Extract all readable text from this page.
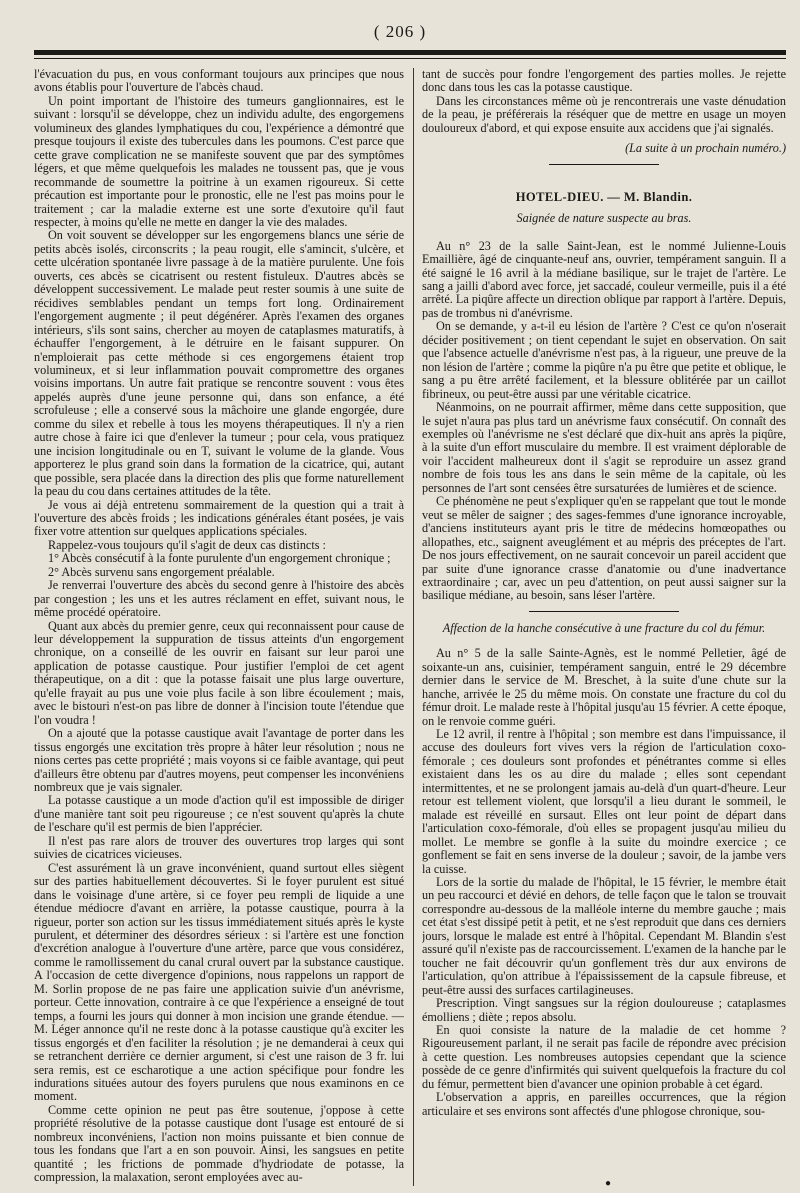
( 206 )

l'évacuation du pus, en vous conformant toujours aux principes que nous avons établis pour l'ouverture de l'abcès chaud.

Un point important de l'histoire des tumeurs ganglionnaires, est le suivant : lorsqu'il se développe, chez un individu adulte, des engorgemens volumineux des glandes lymphatiques du cou, l'expérience a démontré que presque toujours il existe des tubercules dans les poumons. C'est parce que cette grave complication ne se manifeste souvent que par des symptômes légers, et que même quelquefois les malades ne toussent pas, que je vous recommande de soumettre la poitrine à un examen rigoureux. Si cette précaution est importante pour le pronostic, elle ne l'est pas moins pour le traitement ; car la maladie externe est une sorte d'exutoire qu'il faut respecter, à moins qu'elle ne mette en danger la vie des malades.

On voit souvent se développer sur les engorgemens blancs une série de petits abcès isolés, circonscrits ; la peau rougit, elle s'amincit, s'ulcère, et cette ulcération spontanée livre passage à de la matière purulente. Une fois ouverts, ces abcès se cicatrisent ou restent fistuleux. D'autres abcès se développent successivement. Le malade peut rester soumis à une suite de récidives semblables pendant un temps fort long. Ordinairement l'engorgement augmente ; il peut dégénérer. Après l'examen des organes intérieurs, s'ils sont sains, chercher au moyen de cataplasmes maturatifs, à échauffer l'engorgement, à le détruire en le faisant suppurer. On n'emploierait pas cette méthode si ces engorgemens étaient trop volumineux, et si leur inflammation pouvait compromettre des organes voisins importans. Un autre fait pratique se rencontre souvent : vous êtes appelés auprès d'une jeune personne qui, dans son enfance, a été scrofuleuse ; elle a conservé sous la mâchoire une glande engorgée, dure comme du silex et rebelle à tous les moyens thérapeutiques. Il n'y a rien autre chose à faire ici que d'enlever la tumeur ; pour cela, vous pratiquez une incision longitudinale ou en T, suivant le volume de la glande. Vous apporterez le plus grand soin dans la formation de la cicatrice, qui, autant que possible, sera placée dans la direction des plis que forme naturellement la peau du cou dans certaines attitudes de la tête.

Je vous ai déjà entretenu sommairement de la question qui a trait à l'ouverture des abcès froids ; les indications générales étant posées, je vais fixer votre attention sur quelques applications spéciales.

Rappelez-vous toujours qu'il s'agit de deux cas distincts :

1° Abcès consécutif à la fonte purulente d'un engorgement chronique ;

2° Abcès survenu sans engorgement préalable.

Je renverrai l'ouverture des abcès du second genre à l'histoire des abcès par congestion ; les uns et les autres réclament en effet, suivant nous, le même procédé opératoire.

Quant aux abcès du premier genre, ceux qui reconnaissent pour cause de leur développement la suppuration de tissus atteints d'un engorgement chronique, on a conseillé de les ouvrir en faisant sur leur paroi une application de potasse caustique. Pour justifier l'emploi de cet agent thérapeutique, on a dit : que la potasse faisait une plus large ouverture, qu'elle frayait au pus une voie plus facile à son libre écoulement ; mais, avec le bistouri n'est-on pas libre de donner à l'incision toute l'étendue que l'on voudra !

On a ajouté que la potasse caustique avait l'avantage de porter dans les tissus engorgés une excitation très propre à hâter leur résolution ; nous ne nions certes pas cette propriété ; mais voyons si ce faible avantage, qui peut d'ailleurs être obtenu par d'autres moyens, peut compenser les inconvéniens nombreux que je vais signaler.

La potasse caustique a un mode d'action qu'il est impossible de diriger d'une manière tant soit peu rigoureuse ; ce n'est souvent qu'après la chute de l'eschare qu'il est permis de bien l'apprécier.

Il n'est pas rare alors de trouver des ouvertures trop larges qui sont suivies de cicatrices vicieuses.

C'est assurément là un grave inconvénient, quand surtout elles siègent sur des parties habituellement découvertes. Si le foyer purulent est situé dans le voisinage d'une artère, si ce foyer peu rempli de liquide a une étendue médiocre d'avant en arrière, la potasse caustique, pourra à la rigueur, porter son action sur les tissus immédiatement situés après le kyste purulent, et déterminer des désordres sérieux : si l'artère est une fonction d'excrétion analogue à l'ouverture d'une artère, parce que vous considérez, comme le ramollissement du canal crural ouvert par la substance caustique. A l'occasion de cette divergence d'opinions, nous rappelons un rapport de M. Sorlin propose de ne pas faire une application suivie d'un anévrisme, porteur. Cette innovation, contraire à ce que l'expérience a enseigné de tout temps, a fourni les jours qui donner à mon incision une grande étendue. — M. Léger annonce qu'il ne reste donc à la potasse caustique qu'à exciter les tissus engorgés et d'en faciliter la résolution ; je ne demanderai à ceux qui se retranchent derrière ce dernier argument, si c'est une raison de 3 fr. lui sera remis, est ce escharotique a une action spécifique pour fondre les indurations situées autour des foyers purulens que nous examinons en ce moment.

Comme cette opinion ne peut pas être soutenue, j'oppose à cette propriété résolutive de la potasse caustique dont l'usage est entouré de si nombreux inconvéniens, l'action non moins puissante et bien connue de tous les fondans que l'art a en son pouvoir. Ainsi, les sangsues en petite quantité ; les frictions de pommade d'hydriodate de potasse, la compression, la malaxation, seront employées avec au-

tant de succès pour fondre l'engorgement des parties molles. Je rejette donc dans tous les cas la potasse caustique.

Dans les circonstances même où je rencontrerais une vaste dénudation de la peau, je préférerais la réséquer que de mettre en usage un moyen douloureux d'abord, et qui expose ensuite aux accidens que j'ai signalés.

(La suite à un prochain numéro.)
HOTEL-DIEU. — M. Blandin.
Saignée de nature suspecte au bras.

Au n° 23 de la salle Saint-Jean, est le nommé Julienne-Louis Emaillière, âgé de cinquante-neuf ans, ouvrier, tempérament sanguin. Il a été saigné le 16 avril à la médiane basilique, sur le trajet de l'artère. Le sang a jailli d'abord avec force, jet saccadé, couleur vermeille, puis il a été arrêté. La piqûre affecte un direction oblique par rapport à l'artère. Depuis, pas de trombus ni d'anévrisme.

On se demande, y a-t-il eu lésion de l'artère ? C'est ce qu'on n'oserait décider positivement ; on tient cependant le sujet en observation. On sait que l'absence actuelle d'anévrisme n'est pas, à la rigueur, une preuve de la non lésion de l'artère ; comme la piqûre n'a pu être que petite et oblique, le sang a pu être arrêté facilement, et la blessure oblitérée par un caillot fibrineux, ou peut-être aussi par une véritable cicatrice.

Néanmoins, on ne pourrait affirmer, même dans cette supposition, que le sujet n'aura pas plus tard un anévrisme faux consécutif. On connaît des exemples où l'anévrisme ne s'est déclaré que dix-huit ans après la piqûre, à la suite d'un effort musculaire du membre. Il est vraiment déplorable de voir l'accident malheureux dont il s'agit se reproduire un assez grand nombre de fois tous les ans dans le sein même de la capitale, où les personnes de l'art sont censées être sursaturées de lumières et de science.

Ce phénomène ne peut s'expliquer qu'en se rappelant que tout le monde veut se mêler de saigner ; des sages-femmes d'une ignorance incroyable, d'anciens instituteurs ayant pris le titre de médecins homœopathes ou allopathes, etc., saignent aveuglément et au mépris des préceptes de l'art. De nos jours effectivement, on ne saurait concevoir un pareil accident que par suite d'une ignorance crasse d'anatomie ou d'une inadvertance extraordinaire ; car, avec un peu d'attention, on peut aussi saigner sur la basilique médiane, au besoin, sans léser l'artère.

Affection de la hanche consécutive à une fracture du col du fémur.

Au n° 5 de la salle Sainte-Agnès, est le nommé Pelletier, âgé de soixante-un ans, cuisinier, tempérament sanguin, entré le 29 décembre dernier dans le service de M. Breschet, à la suite d'une chute sur la hanche, arrivée le 25 du même mois. On constate une fracture du col du fémur droit. Le malade reste à l'hôpital jusqu'au 15 février. A cette époque, on le renvoie comme guéri.

Le 12 avril, il rentre à l'hôpital ; son membre est dans l'impuissance, il accuse des douleurs fort vives vers la région de l'articulation coxo-fémorale ; ces douleurs sont profondes et pénétrantes comme si elles existaient dans les os au dire du malade ; elles sont cependant intermittentes, et ne se prolongent jamais au-delà d'un quart-d'heure. Leur retour est tellement violent, que lorsqu'il a lieu durant le sommeil, le malade est réveillé en sursaut. Elles ont leur point de départ dans l'articulation coxo-fémorale, d'où elles se propagent jusqu'au milieu du mollet. Le membre se gonfle à la suite du moindre exercice ; ce gonflement se fait en sens inverse de la douleur ; savoir, de la jambe vers la cuisse.

Lors de la sortie du malade de l'hôpital, le 15 février, le membre était un peu raccourci et dévié en dehors, de telle façon que le talon se trouvait correspondre au-dessous de la malléole interne du membre gauche ; mais cet état s'est dissipé petit à petit, et ne s'est reproduit que dans ces derniers jours, lorsque le malade est entré à l'hôpital. Cependant M. Blandin s'est assuré qu'il n'existe pas de raccourcissement. L'examen de la hanche par le toucher ne fait découvrir qu'un gonflement très dur aux environs de l'articulation, qu'on attribue à l'épaississement de la capsule fibreuse, et peut-être aussi des surfaces cartilagineuses.

Prescription. Vingt sangsues sur la région douloureuse ; cataplasmes émolliens ; diète ; repos absolu.

En quoi consiste la nature de la maladie de cet homme ? Rigoureusement parlant, il ne serait pas facile de répondre avec précision à cette question. Les nombreuses autopsies cependant que la science possède de ce genre d'infirmités qui suivent quelquefois la fracture du col du fémur, permettent bien d'avancer une opinion probable à cet égard.

L'observation a appris, en pareilles occurrences, que la région articulaire et ses environs sont affectés d'une phlogose chronique, sou-

●
